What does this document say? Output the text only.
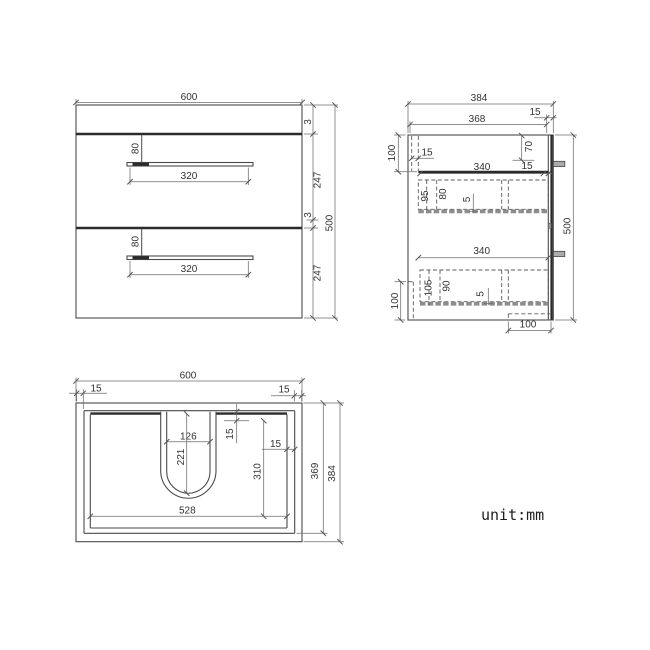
80
320
80
320
600
3
247
3
247
500
384
368
15
100 15
70
340	15
95 80 5
340
105 90
5
100
100
500
600
15	15
126
221
15
15
310
528
369 384
unit:mm
